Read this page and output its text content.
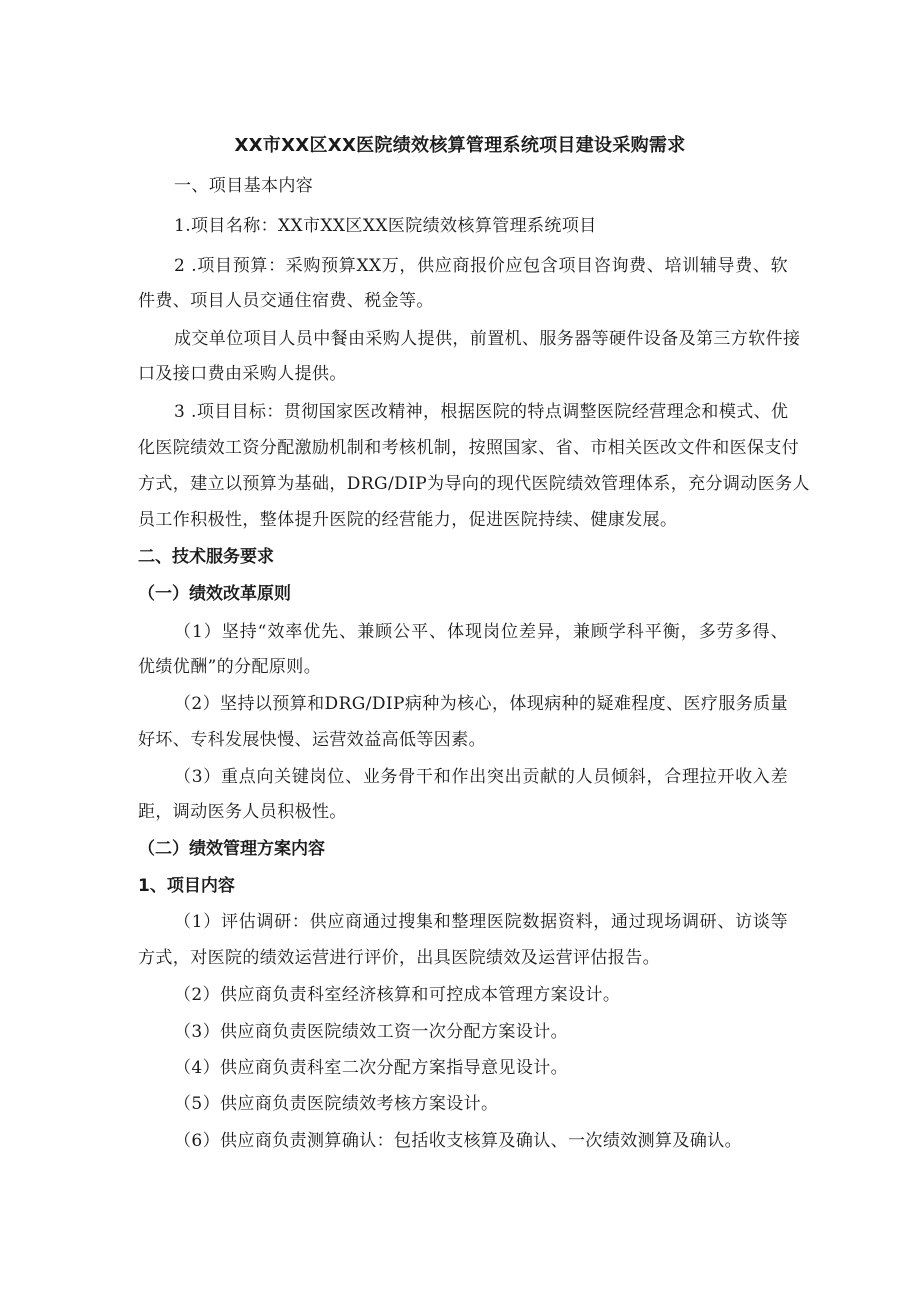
XX市XX区XX医院绩效核算管理系统项目建设采购需求
一、项目基本内容
1.项目名称：XX市XX区XX医院绩效核算管理系统项目
2 .项目预算：采购预算XX万，供应商报价应包含项目咨询费、培训辅导费、软
件费、项目人员交通住宿费、税金等。
成交单位项目人员中餐由采购人提供，前置机、服务器等硬件设备及第三方软件接
口及接口费由采购人提供。
3 .项目目标：贯彻国家医改精神，根据医院的特点调整医院经营理念和模式、优
化医院绩效工资分配激励机制和考核机制，按照国家、省、市相关医改文件和医保支付
方式，建立以预算为基础，DRG/DIP为导向的现代医院绩效管理体系，充分调动医务人
员工作积极性，整体提升医院的经营能力，促进医院持续、健康发展。
二、技术服务要求
（一）绩效改革原则
（1）坚持“效率优先、兼顾公平、体现岗位差异，兼顾学科平衡，多劳多得、
优绩优酬”的分配原则。
（2）坚持以预算和DRG/DIP病种为核心，体现病种的疑难程度、医疗服务质量
好坏、专科发展快慢、运营效益高低等因素。
（3）重点向关键岗位、业务骨干和作出突出贡献的人员倾斜，合理拉开收入差
距，调动医务人员积极性。
（二）绩效管理方案内容
1、项目内容
（1）评估调研：供应商通过搜集和整理医院数据资料，通过现场调研、访谈等
方式，对医院的绩效运营进行评价，出具医院绩效及运营评估报告。
（2）供应商负责科室经济核算和可控成本管理方案设计。
（3）供应商负责医院绩效工资一次分配方案设计。
（4）供应商负责科室二次分配方案指导意见设计。
（5）供应商负责医院绩效考核方案设计。
（6）供应商负责测算确认：包括收支核算及确认、一次绩效测算及确认。
